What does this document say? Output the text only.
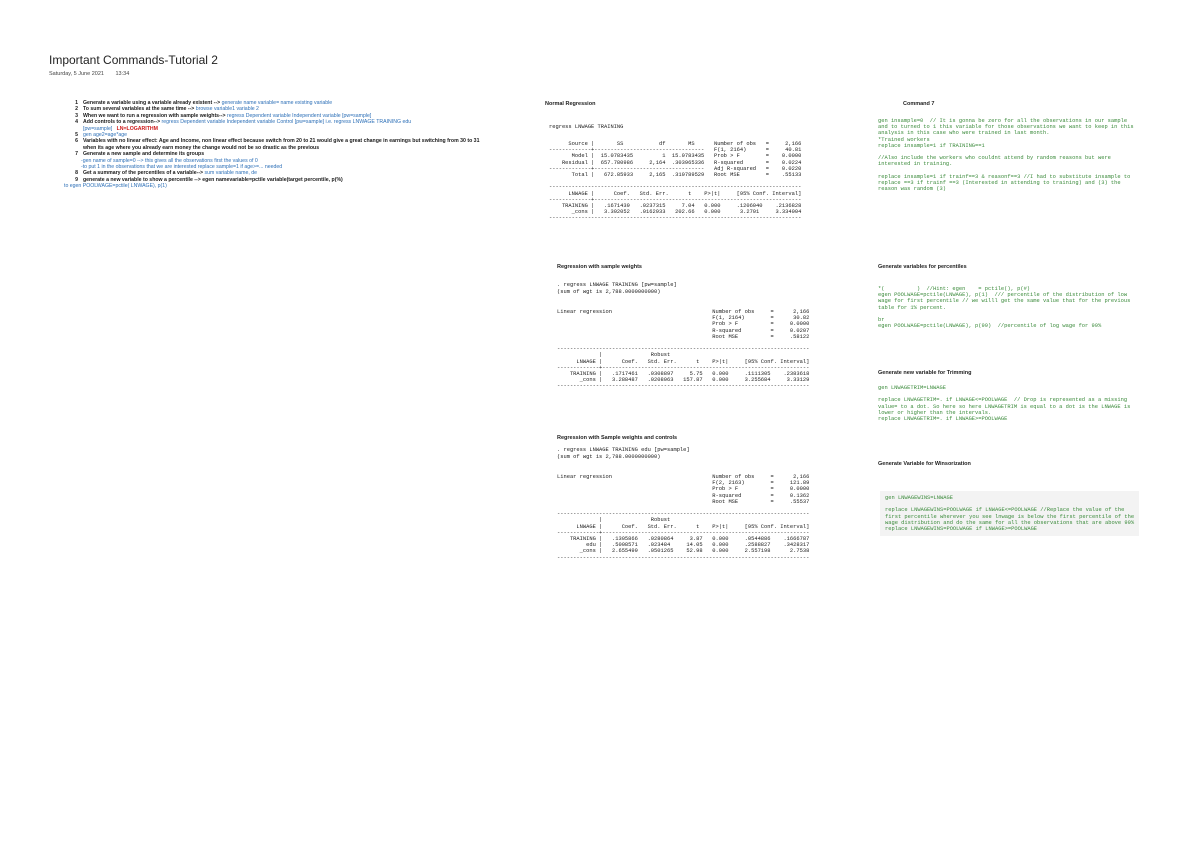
Important Commands-Tutorial 2
Saturday, 5 June 2021 13:34
1 Generate a variable using a variable already existent --> generate name variable= name existing variable
2 To sum several variables at the same time --> browse variable1 variable 2
3 When we want to run a regression with sample weights--> regress Dependent variable Independent variable [pw=sample]
4 Add controls to a regression--> regress Dependent variable Independent variable Control [pw=sample] i.e. regress LNWAGE TRAINING edu [pw=sample] LN=LOGARITHM
5 gen age2=age*age
6 Variables with no linear effect: Age and Income, non linear effect because switch from 20 to 21 would give a great change in earnings but switching from 30 to 31 when its age where you already earn money the change would not be so drastic as the previous
7 Generate a new sample and determine its groups
-gen name of sample=0 --> this gives all the observations first the values of 0
-to put 1 in the observations that we are interested replace sample=1 if age>=... needed
8 Get a summary of the percentiles of a variable--> sum variable name, de
9 generate a new variable to show a percentile --> egen namevariable=pctile variable(target percentile, p(%)
to egen POOLWAGE=pctile( LNWAGE), p(1)
Normal Regression
regress LNWAGE TRAINING
Source |       SS           df       MS      Number of obs   =     2,166
-------------+----------------------------------   F(1, 2164)      =     40.81
Model |  15.0783435         1  15.0783435   Prob > F        =    0.0000
Residual |  657.780986     2,164  .303965336   R-squared       =    0.0224
-------------+----------------------------------   Adj R-squared   =    0.0220
Total |   672.85933     2,165  .310789529   Root MSE        =    .55133

------------------------------------------------------------------------------
LNWAGE |      Coef.   Std. Err.      t    P>|t|     [95% Conf. Interval]
-------------+----------------------------------------------------------------
TRAINING |   .1671439   .0237315     7.04   0.000     .1206040    .2136828
_cons |   3.302052   .0162933   202.66   0.000      3.2701     3.334004
------------------------------------------------------------------------------
Regression with sample weights
. regress LNWAGE TRAINING [pw=sample]
(sum of wgt is 2,788.0000000000)
Linear regression                               Number of obs     =      2,166
F(1, 2164)        =      30.82
Prob > F          =     0.0000
R-squared         =     0.0207
Root MSE          =     .58122

------------------------------------------------------------------------------
|               Robust
LNWAGE |      Coef.   Std. Err.      t    P>|t|     [95% Conf. Interval]
-------------+----------------------------------------------------------------
TRAINING |   .1717461   .0308897     5.75   0.000     .1111305    .2383618
_cons |   3.288487   .0208063   157.87   0.000     3.255684     3.33129
------------------------------------------------------------------------------
Regression with Sample weights and controls
. regress LNWAGE TRAINING edu [pw=sample]
(sum of wgt is 2,788.0000000000)
Linear regression                               Number of obs     =      2,166
F(2, 2163)        =     121.89
Prob > F          =     0.0000
R-squared         =     0.1362
Root MSE          =     .55537

------------------------------------------------------------------------------
|               Robust
LNWAGE |      Coef.   Std. Err.      t    P>|t|     [95% Conf. Interval]
-------------+----------------------------------------------------------------
TRAINING |   .1305866   .0280864     3.87   0.000     .0544886    .1666787
edu |   .5008571   .023484     14.05   0.000     .2588827    .3428317
_cons |   2.655499   .0501265    52.98   0.000     2.557198      2.7538
------------------------------------------------------------------------------
Command 7
gen insample=0  // It is gonna be zero for all the observations in our sample
and to turned to 1 this variable for those observations we want to keep in this
analysis in this case who were trained in last month.
*Trained workers
replace insample=1 if TRAINING==1

//Also include the workers who couldnt attend by random reasons but were
interested in training.

replace insample=1 if trainf==3 & reasonf==3 //I had to substitute insample to
replace ==3 if trainf ==3 (Interested in attending to training) and (3) the
reason was random (3)
Generate variables for percentiles
*(          )  //Hint: egen    = pctile(), p(#)
egen POOLWAGE=pctile(LNWAGE), p(1)  /// percentile of the distribution of low
wage for first percentile // we willl get the same value that for the previous
table for 1% percent.

br
egen POOLWAGE=pctile(LNWAGE), p(99)  //percentile of log wage for 99%
Generate new variable for Trimming
gen LNWAGETRIM=LNWAGE

replace LNWAGETRIM=. if LNWAGE<=POOLWAGE  // Drop is represented as a missing
value= to a dot. So here so here LNWAGETRIM is equal to a dot is the LNWAGE is
lower or higher than the intervals.
replace LNWAGETRIM=. if LNWAGE>=POOLWAGE
Generate Variable for Winsorization
gen LNWAGEWINS=LNWAGE

replace LNWAGEWINS=POOLWAGE if LNWAGE<=POOLWAGE //Replace the value of the
first percentile wherever you see lnwage is below the first percentile of the
wage distribution and do the same for all the observations that are above 99%
replace LNWAGEWINS=POOLWAGE if LNWAGE>=POOLWAGE
